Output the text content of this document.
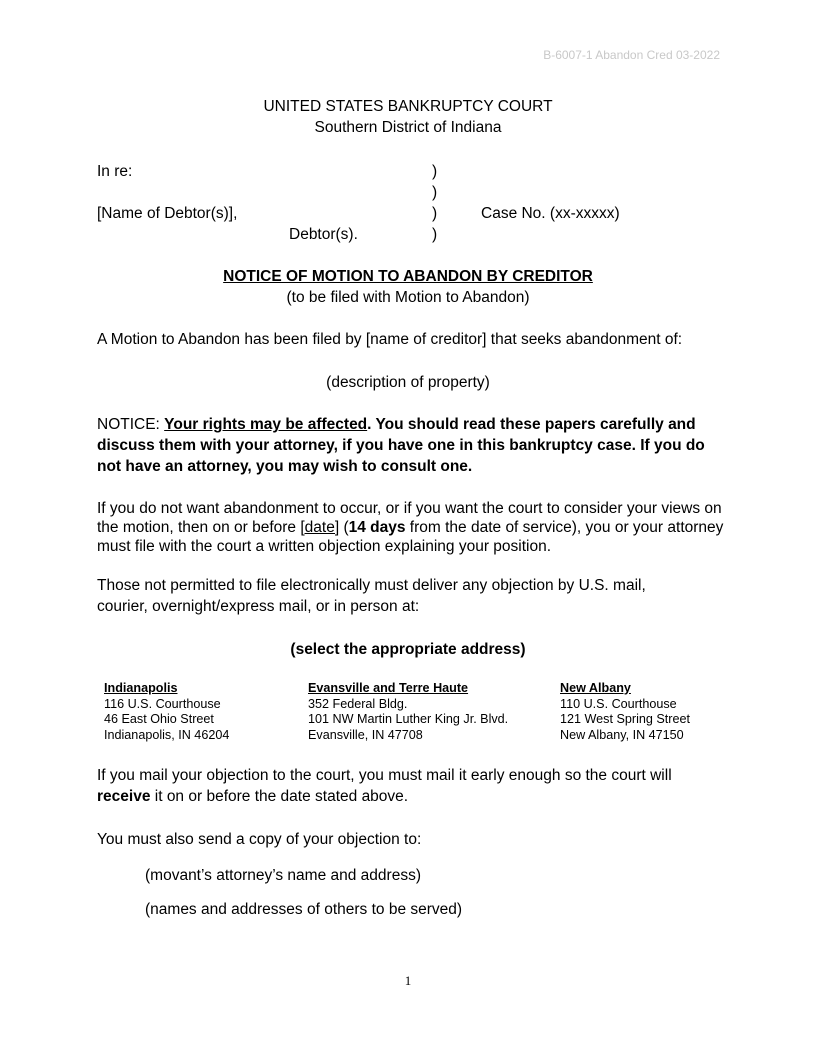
B-6007-1 Abandon Cred 03-2022
UNITED STATES BANKRUPTCY COURT
Southern District of Indiana
In re:
[Name of Debtor(s)],
Debtor(s).
)
)
)
)
Case No. (xx-xxxxx)
NOTICE OF MOTION TO ABANDON BY CREDITOR
(to be filed with Motion to Abandon)
A Motion to Abandon has been filed by [name of creditor] that seeks abandonment of:
(description of property)
NOTICE: Your rights may be affected. You should read these papers carefully and discuss them with your attorney, if you have one in this bankruptcy case. If you do not have an attorney, you may wish to consult one.
If you do not want abandonment to occur, or if you want the court to consider your views on the motion, then on or before [date] (14 days from the date of service), you or your attorney must file with the court a written objection explaining your position.
Those not permitted to file electronically must deliver any objection by U.S. mail, courier, overnight/express mail, or in person at:
(select the appropriate address)
Indianapolis
116 U.S. Courthouse
46 East Ohio Street
Indianapolis, IN 46204
Evansville and Terre Haute
352 Federal Bldg.
101 NW Martin Luther King Jr. Blvd.
Evansville, IN 47708
New Albany
110 U.S. Courthouse
121 West Spring Street
New Albany, IN 47150
If you mail your objection to the court, you must mail it early enough so the court will receive it on or before the date stated above.
You must also send a copy of your objection to:
(movant’s attorney’s name and address)
(names and addresses of others to be served)
1
